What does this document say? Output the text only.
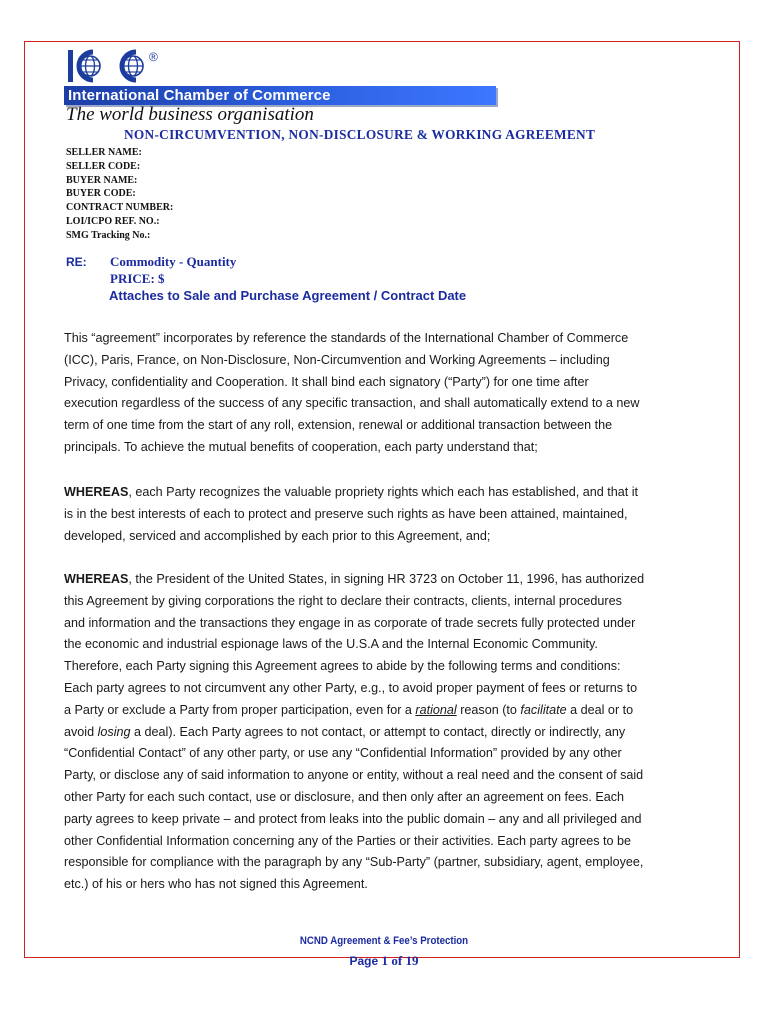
®
International Chamber of Commerce
The world business organisation
NON-CIRCUMVENTION, NON-DISCLOSURE & WORKING AGREEMENT
SELLER NAME:
SELLER CODE:
BUYER NAME:
BUYER CODE:
CONTRACT NUMBER:
LOI/ICPO REF. NO.:
SMG Tracking No.:
RE: Commodity - Quantity
PRICE: $
Attaches to Sale and Purchase Agreement / Contract Date
This “agreement” incorporates by reference the standards of the International Chamber of Commerce
(ICC), Paris, France, on Non-Disclosure, Non-Circumvention and Working Agreements – including
Privacy, confidentiality and Cooperation. It shall bind each signatory (“Party”) for one time after
execution regardless of the success of any specific transaction, and shall automatically extend to a new
term of one time from the start of any roll, extension, renewal or additional transaction between the
principals. To achieve the mutual benefits of cooperation, each party understand that;
WHEREAS, each Party recognizes the valuable propriety rights which each has established, and that it
is in the best interests of each to protect and preserve such rights as have been attained, maintained,
developed, serviced and accomplished by each prior to this Agreement, and;
WHEREAS, the President of the United States, in signing HR 3723 on October 11, 1996, has authorized
this Agreement by giving corporations the right to declare their contracts, clients, internal procedures
and information and the transactions they engage in as corporate of trade secrets fully protected under
the economic and industrial espionage laws of the U.S.A and the Internal Economic Community.
Therefore, each Party signing this Agreement agrees to abide by the following terms and conditions:
Each party agrees to not circumvent any other Party, e.g., to avoid proper payment of fees or returns to
a Party or exclude a Party from proper participation, even for a rational reason (to facilitate a deal or to
avoid losing a deal). Each Party agrees to not contact, or attempt to contact, directly or indirectly, any
“Confidential Contact” of any other party, or use any “Confidential Information” provided by any other
Party, or disclose any of said information to anyone or entity, without a real need and the consent of said
other Party for each such contact, use or disclosure, and then only after an agreement on fees. Each
party agrees to keep private – and protect from leaks into the public domain – any and all privileged and
other Confidential Information concerning any of the Parties or their activities. Each party agrees to be
responsible for compliance with the paragraph by any “Sub-Party” (partner, subsidiary, agent, employee,
etc.) of his or hers who has not signed this Agreement.
NCND Agreement & Fee’s Protection
Page 1 of 19
